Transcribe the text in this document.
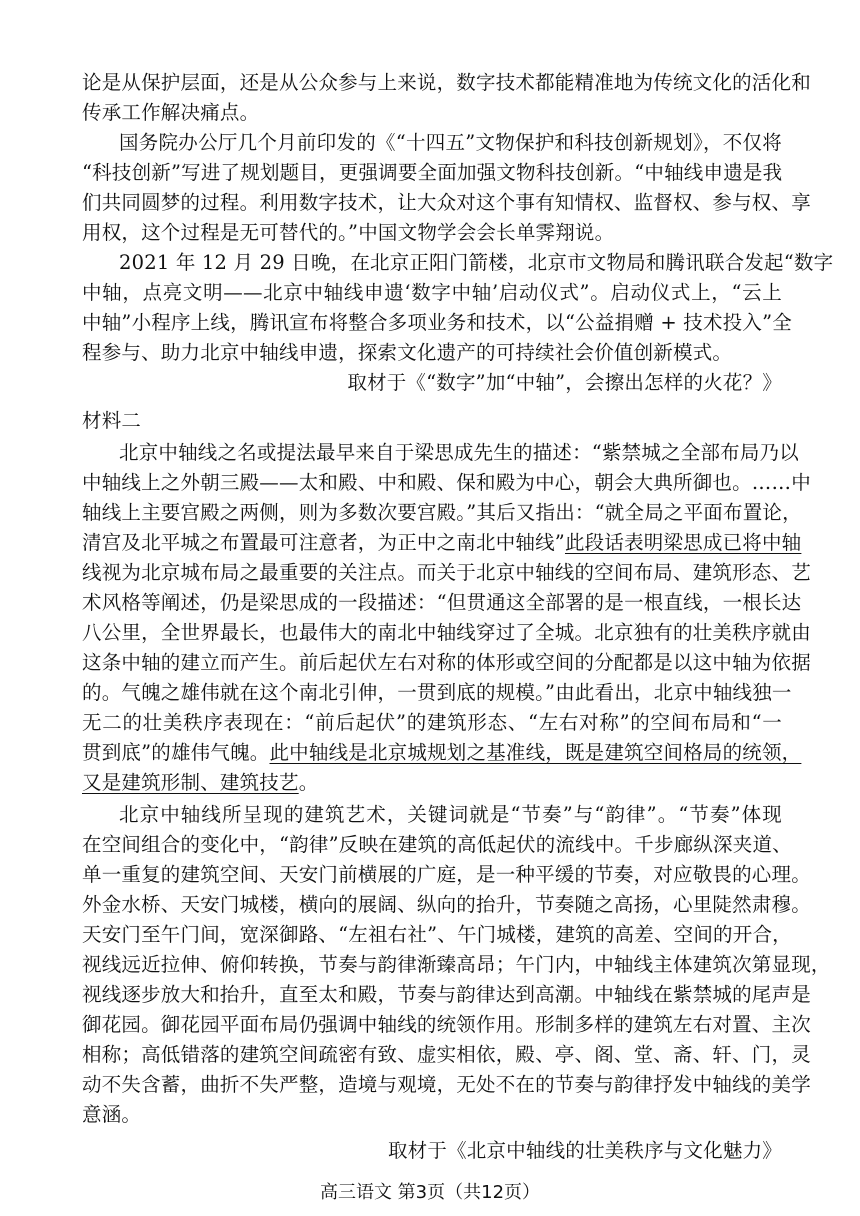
论是从保护层面，还是从公众参与上来说，数字技术都能精准地为传统文化的活化和
传承工作解决痛点。
国务院办公厅几个月前印发的《“十四五”文物保护和科技创新规划》，不仅将
“科技创新”写进了规划题目，更强调要全面加强文物科技创新。“中轴线申遗是我
们共同圆梦的过程。利用数字技术，让大众对这个事有知情权、监督权、参与权、享
用权，这个过程是无可替代的。”中国文物学会会长单霁翔说。
2021 年 12 月 29 日晚，在北京正阳门箭楼，北京市文物局和腾讯联合发起“数字
中轴，点亮文明——北京中轴线申遗‘数字中轴’启动仪式”。启动仪式上，“云上
中轴”小程序上线，腾讯宣布将整合多项业务和技术，以“公益捐赠 + 技术投入”全
程参与、助力北京中轴线申遗，探索文化遗产的可持续社会价值创新模式。
取材于《“数字”加“中轴”，会擦出怎样的火花？》
材料二
北京中轴线之名或提法最早来自于梁思成先生的描述：“紫禁城之全部布局乃以
中轴线上之外朝三殿——太和殿、中和殿、保和殿为中心，朝会大典所御也。……中
轴线上主要宫殿之两侧，则为多数次要宫殿。”其后又指出：“就全局之平面布置论，
清宫及北平城之布置最可注意者，为正中之南北中轴线”此段话表明梁思成已将中轴
线视为北京城布局之最重要的关注点。而关于北京中轴线的空间布局、建筑形态、艺
术风格等阐述，仍是梁思成的一段描述：“但贯通这全部署的是一根直线，一根长达
八公里，全世界最长，也最伟大的南北中轴线穿过了全城。北京独有的壮美秩序就由
这条中轴的建立而产生。前后起伏左右对称的体形或空间的分配都是以这中轴为依据
的。气魄之雄伟就在这个南北引伸，一贯到底的规模。”由此看出，北京中轴线独一
无二的壮美秩序表现在：“前后起伏”的建筑形态、“左右对称”的空间布局和“一
贯到底”的雄伟气魄。此中轴线是北京城规划之基准线，既是建筑空间格局的统领，
又是建筑形制、建筑技艺。
北京中轴线所呈现的建筑艺术，关键词就是“节奏”与“韵律”。“节奏”体现
在空间组合的变化中，“韵律”反映在建筑的高低起伏的流线中。千步廊纵深夹道、
单一重复的建筑空间、天安门前横展的广庭，是一种平缓的节奏，对应敬畏的心理。
外金水桥、天安门城楼，横向的展阔、纵向的抬升，节奏随之高扬，心里陡然肃穆。
天安门至午门间，宽深御路、“左祖右社”、午门城楼，建筑的高差、空间的开合，
视线远近拉伸、俯仰转换，节奏与韵律渐臻高昂；午门内，中轴线主体建筑次第显现，
视线逐步放大和抬升，直至太和殿，节奏与韵律达到高潮。中轴线在紫禁城的尾声是
御花园。御花园平面布局仍强调中轴线的统领作用。形制多样的建筑左右对置、主次
相称；高低错落的建筑空间疏密有致、虚实相依，殿、亭、阁、堂、斋、轩、门，灵
动不失含蓄，曲折不失严整，造境与观境，无处不在的节奏与韵律抒发中轴线的美学
意涵。
取材于《北京中轴线的壮美秩序与文化魅力》
高三语文 第3页（共12页）
